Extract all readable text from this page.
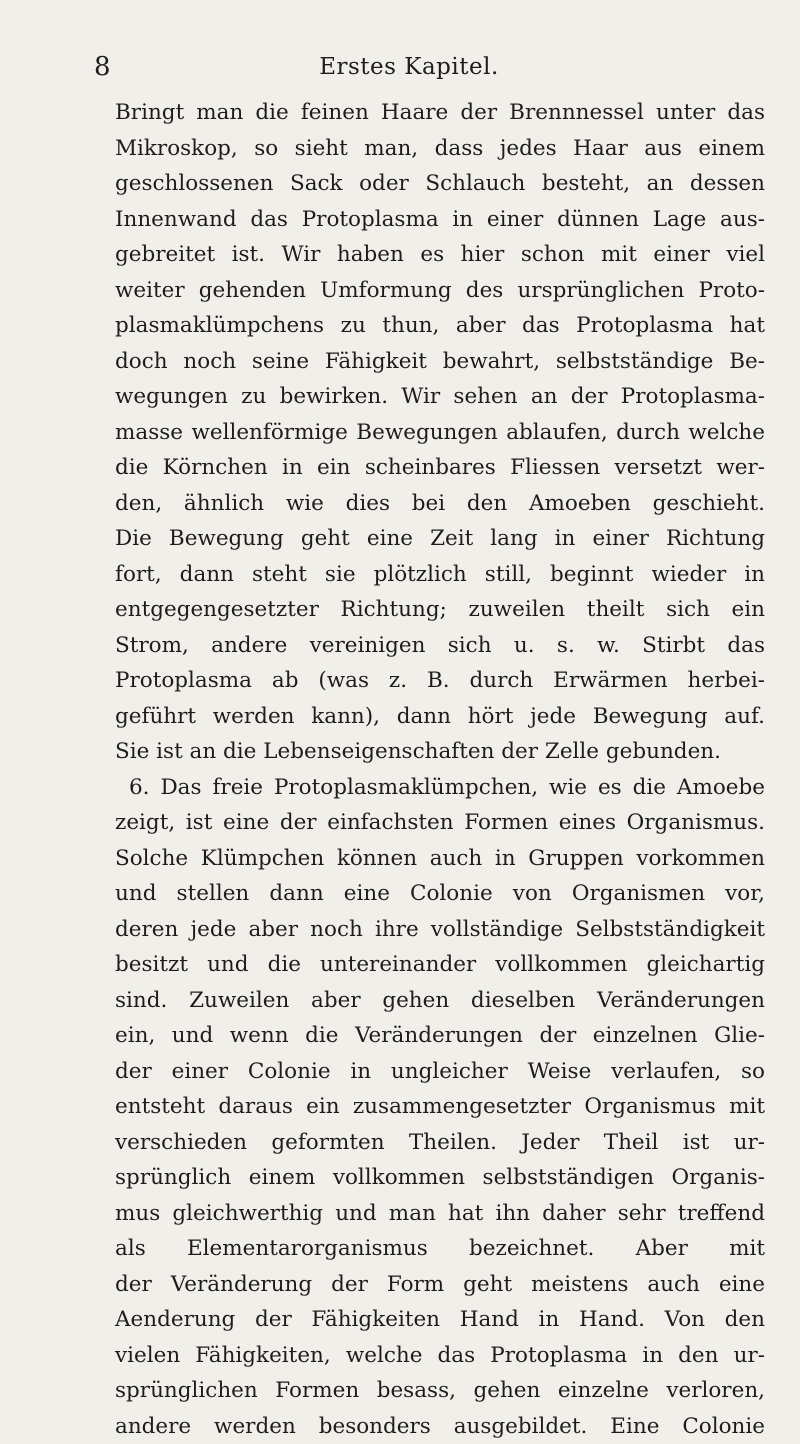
8	Erstes Kapitel.
Bringt man die feinen Haare der Brennnessel unter das
Mikroskop, so sieht man, dass jedes Haar aus einem
geschlossenen Sack oder Schlauch besteht, an dessen
Innenwand das Protoplasma in einer dünnen Lage aus-
gebreitet ist. Wir haben es hier schon mit einer viel
weiter gehenden Umformung des ursprünglichen Proto-
plasmaklümpchens zu thun, aber das Protoplasma hat
doch noch seine Fähigkeit bewahrt, selbstständige Be-
wegungen zu bewirken. Wir sehen an der Protoplasma-
masse wellenförmige Bewegungen ablaufen, durch welche
die Körnchen in ein scheinbares Fliessen versetzt wer-
den, ähnlich wie dies bei den Amoeben geschieht.
Die Bewegung geht eine Zeit lang in einer Richtung
fort, dann steht sie plötzlich still, beginnt wieder in
entgegengesetzter Richtung; zuweilen theilt sich ein
Strom, andere vereinigen sich u. s. w. Stirbt das
Protoplasma ab (was z. B. durch Erwärmen herbei-
geführt werden kann), dann hört jede Bewegung auf.
Sie ist an die Lebenseigenschaften der Zelle gebunden.
6. Das freie Protoplasmaklümpchen, wie es die Amoebe
zeigt, ist eine der einfachsten Formen eines Organismus.
Solche Klümpchen können auch in Gruppen vorkommen
und stellen dann eine Colonie von Organismen vor,
deren jede aber noch ihre vollständige Selbstständigkeit
besitzt und die untereinander vollkommen gleichartig
sind. Zuweilen aber gehen dieselben Veränderungen
ein, und wenn die Veränderungen der einzelnen Glie-
der einer Colonie in ungleicher Weise verlaufen, so
entsteht daraus ein zusammengesetzter Organismus mit
verschieden geformten Theilen. Jeder Theil ist ur-
sprünglich einem vollkommen selbstständigen Organis-
mus gleichwerthig und man hat ihn daher sehr treffend
als Elementarorganismus bezeichnet. Aber mit
der Veränderung der Form geht meistens auch eine
Aenderung der Fähigkeiten Hand in Hand. Von den
vielen Fähigkeiten, welche das Protoplasma in den ur-
sprünglichen Formen besass, gehen einzelne verloren,
andere werden besonders ausgebildet. Eine Colonie
